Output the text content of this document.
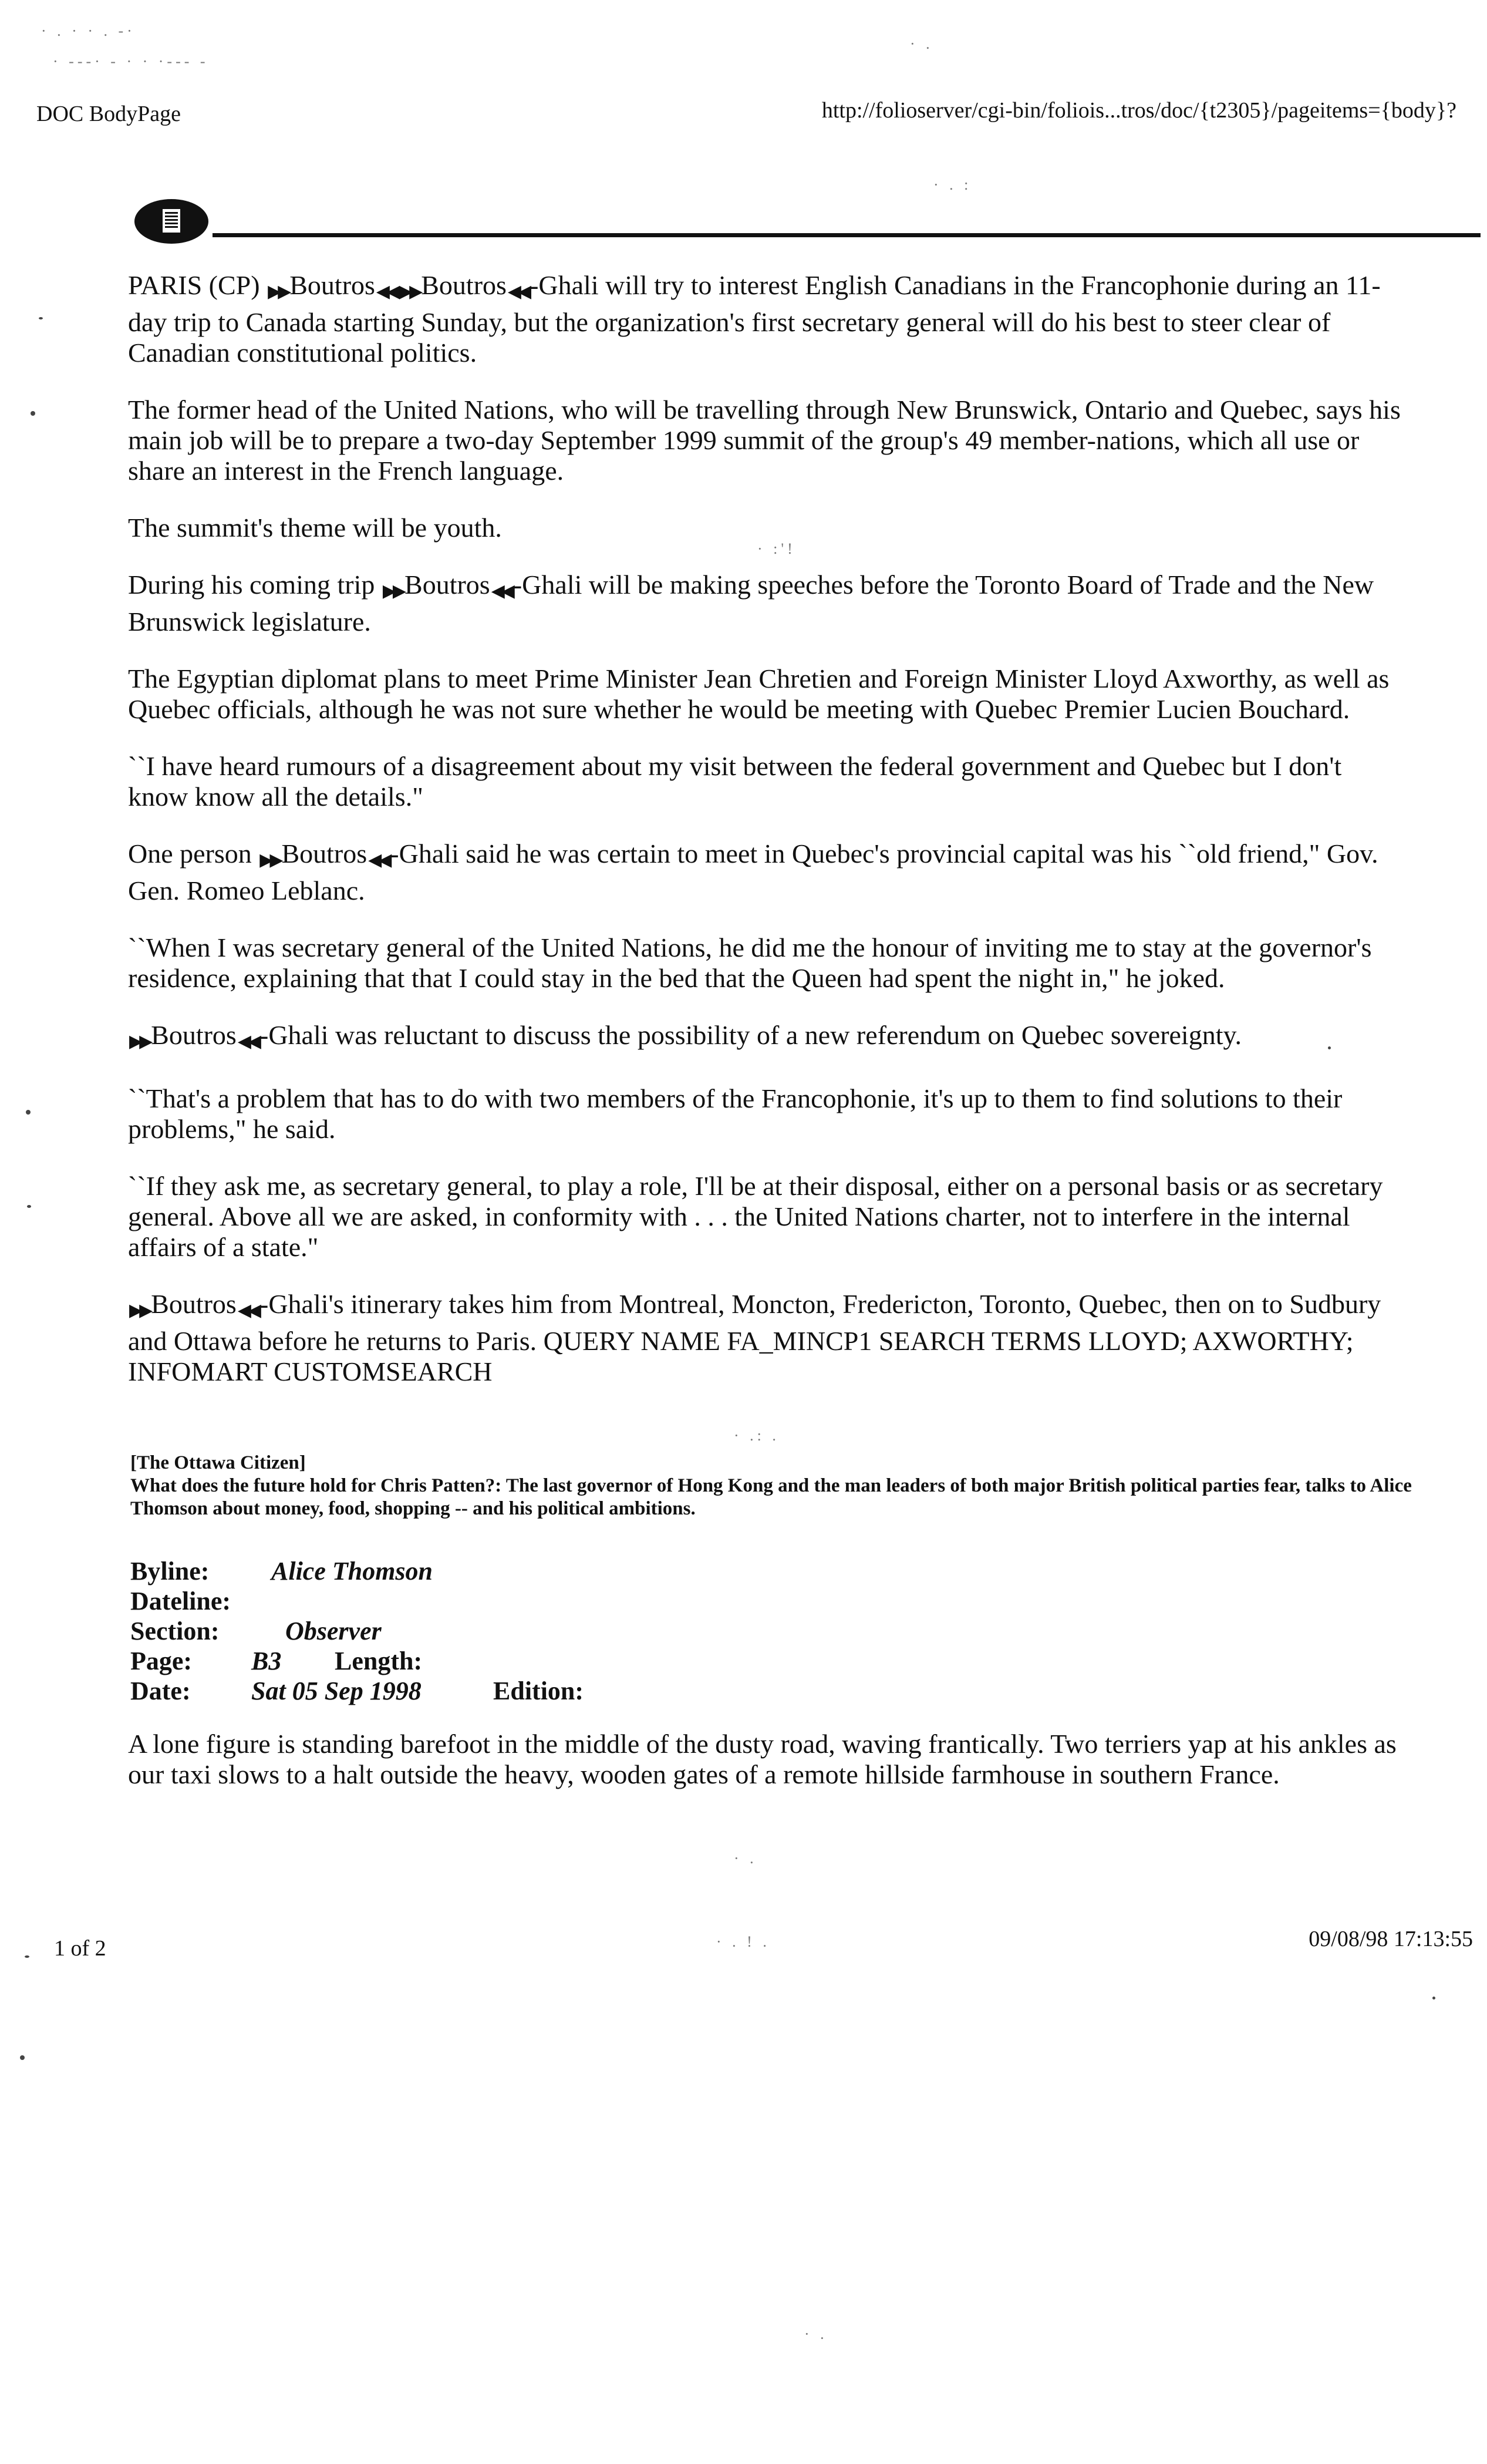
DOC BodyPage	http://folioserver/cgi-bin/foliois...tros/doc/{t2305}/pageitems={body}?

PARIS (CP) ▶▶Boutros◀◀ ▶▶Boutros◀◀-Ghali will try to interest English Canadians in the Francophonie during an 11-day trip to Canada starting Sunday, but the organization's first secretary general will do his best to steer clear of Canadian constitutional politics.

The former head of the United Nations, who will be travelling through New Brunswick, Ontario and Quebec, says his main job will be to prepare a two-day September 1999 summit of the group's 49 member-nations, which all use or share an interest in the French language.

The summit's theme will be youth.

During his coming trip ▶▶Boutros◀◀-Ghali will be making speeches before the Toronto Board of Trade and the New Brunswick legislature.

The Egyptian diplomat plans to meet Prime Minister Jean Chretien and Foreign Minister Lloyd Axworthy, as well as Quebec officials, although he was not sure whether he would be meeting with Quebec Premier Lucien Bouchard.

``I have heard rumours of a disagreement about my visit between the federal government and Quebec but I don't know know all the details."

One person ▶▶Boutros◀◀-Ghali said he was certain to meet in Quebec's provincial capital was his ``old friend," Gov. Gen. Romeo Leblanc.

``When I was secretary general of the United Nations, he did me the honour of inviting me to stay at the governor's residence, explaining that that I could stay in the bed that the Queen had spent the night in," he joked.

▶▶Boutros◀◀-Ghali was reluctant to discuss the possibility of a new referendum on Quebec sovereignty.

``That's a problem that has to do with two members of the Francophonie, it's up to them to find solutions to their problems," he said.

``If they ask me, as secretary general, to play a role, I'll be at their disposal, either on a personal basis or as secretary general. Above all we are asked, in conformity with . . . the United Nations charter, not to interfere in the internal affairs of a state."

▶▶Boutros◀◀-Ghali's itinerary takes him from Montreal, Moncton, Fredericton, Toronto, Quebec, then on to Sudbury and Ottawa before he returns to Paris. QUERY NAME FA_MINCP1 SEARCH TERMS LLOYD; AXWORTHY; INFOMART CUSTOMSEARCH

[The Ottawa Citizen]
What does the future hold for Chris Patten?: The last governor of Hong Kong and the man leaders of both major British political parties fear, talks to Alice Thomson about money, food, shopping -- and his political ambitions.
Byline: Alice Thomson
Dateline:
Section:	Observer
Page: B3 Length:
Date: Sat 05 Sep 1998	Edition:
A lone figure is standing barefoot in the middle of the dusty road, waving frantically. Two terriers yap at his ankles as our taxi slows to a halt outside the heavy, wooden gates of a remote hillside farmhouse in southern France.
1 of 2	09/08/98 17:13:55
· . · · . -·
· ---· - · · ·--- -
· .
· . :
· :'!
· .: .
· .
· . ! .
· .
